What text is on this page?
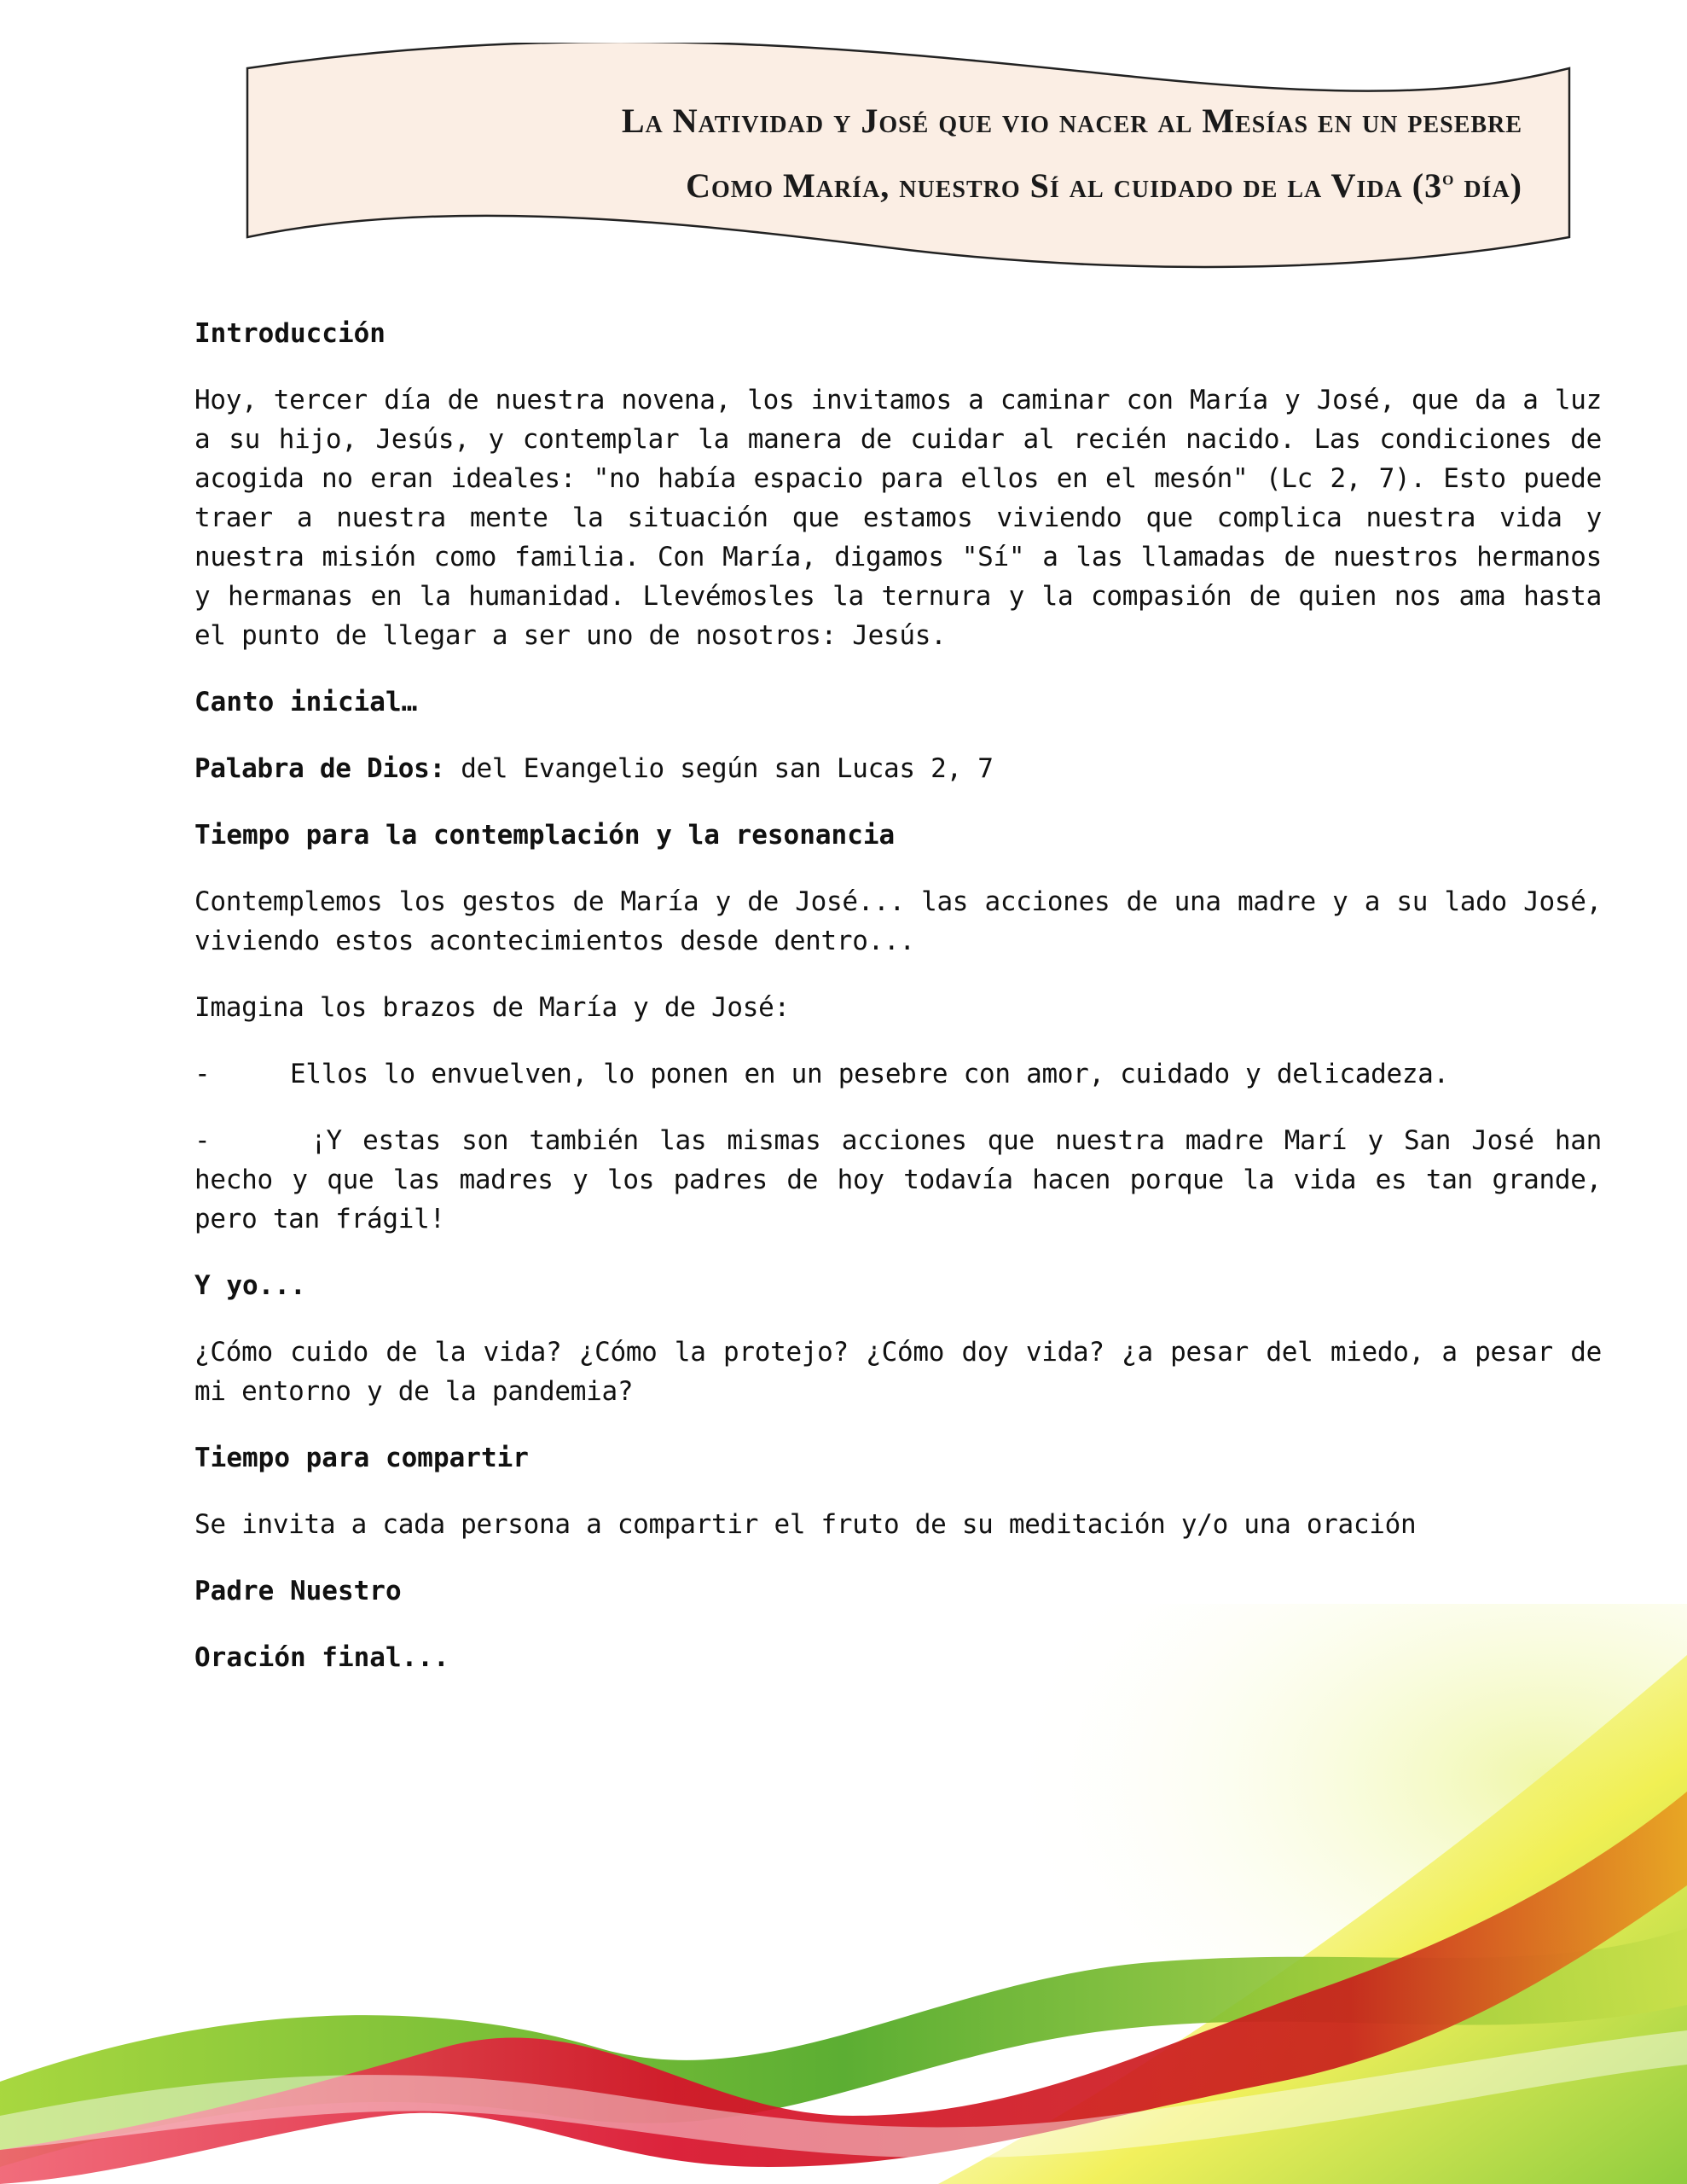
La Natividad y José que vio nacer al Mesías en un pesebre

Como María, nuestro Sí al cuidado de la Vida (3$^o$ día)

Introducción

Hoy, tercer día de nuestra novena, los invitamos a caminar con María y José, que da a luz a su hijo, Jesús, y contemplar la manera de cuidar al recién nacido. Las condiciones de acogida no eran ideales: "no había espacio para ellos en el mesón" (Lc 2, 7). Esto puede traer a nuestra mente la situación que estamos viviendo que complica nuestra vida y nuestra misión como familia. Con María, digamos "Sí" a las llamadas de nuestros hermanos y hermanas en la humanidad. Llevémosles la ternura y la compasión de quien nos ama hasta el punto de llegar a ser uno de nosotros: Jesús.

Canto inicial…

Palabra de Dios: del Evangelio según san Lucas 2, 7

Tiempo para la contemplación y la resonancia

Contemplemos los gestos de María y de José... las acciones de una madre y a su lado José, viviendo estos acontecimientos desde dentro...

Imagina los brazos de María y de José:

-	Ellos lo envuelven, lo ponen en un pesebre con amor, cuidado y delicadeza.

-	¡Y estas son también las mismas acciones que nuestra madre Marí y San José han hecho y que las madres y los padres de hoy todavía hacen porque la vida es tan grande, pero tan frágil!

Y yo...

¿Cómo cuido de la vida? ¿Cómo la protejo? ¿Cómo doy vida? ¿a pesar del miedo, a pesar de mi entorno y de la pandemia?

Tiempo para compartir

Se invita a cada persona a compartir el fruto de su meditación y/o una oración

Padre Nuestro

Oración final...
